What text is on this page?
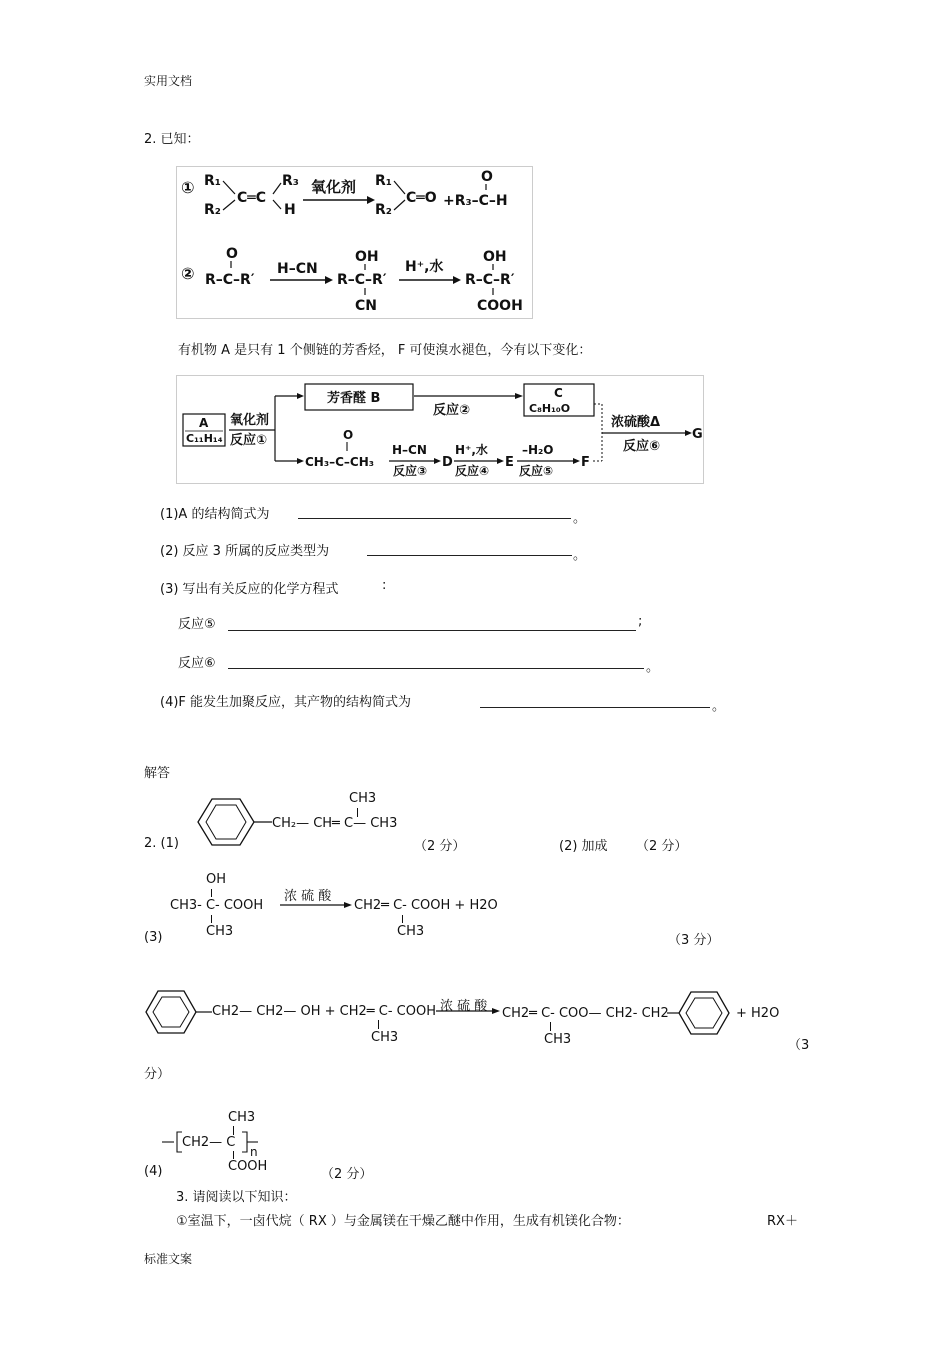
实用文档
标准文案
2. 已知：
① R₁
R₂
C═C
R₃
H
氧化剂 R₁
R₂
C═O
O
+R₃–C–H
②
O
R–C–R′
H–CN
OH
R–C–R′
CN
H⁺,水
OH
R–C–R′
COOH
有机物 A 是只有 1 个侧链的芳香烃， F 可使溴水褪色，今有以下变化：
A
C₁₁H₁₄
氧化剂
反应①
芳香醛 B
反应②
C
C₈H₁₀O
浓硫酸Δ
反应⑥
G
O
CH₃–C–CH₃
H–CN
反应③
D
H⁺,水
反应④
E
–H₂O
反应⑤
F
(1)A 的结构简式为	。
(2) 反应 3 所属的反应类型为	。
(3) 写出有关反应的化学方程式	:
反应⑤	;
反应⑥	。
(4)F 能发生加聚反应，其产物的结构简式为	。
解答
2. (1)
CH3
CH₂— CH═ C— CH3
（2 分）	(2) 加成 （2 分）
OH
CH3- C- COOH
CH3
浓 硫 酸
CH2═ C- COOH + H2O
CH3
(3)	（3 分）
CH2— CH2— OH + CH2═ C- COOH
CH3
浓 硫 酸 CH2═ C- COO— CH2- CH2
CH3
+ H2O
（3
分）
CH3
CH2— C
n
(4)	COOH
（2 分）
3. 请阅读以下知识：
①室温下，一卤代烷（ RX ）与金属镁在干燥乙醚中作用，生成有机镁化合物：	RX＋
